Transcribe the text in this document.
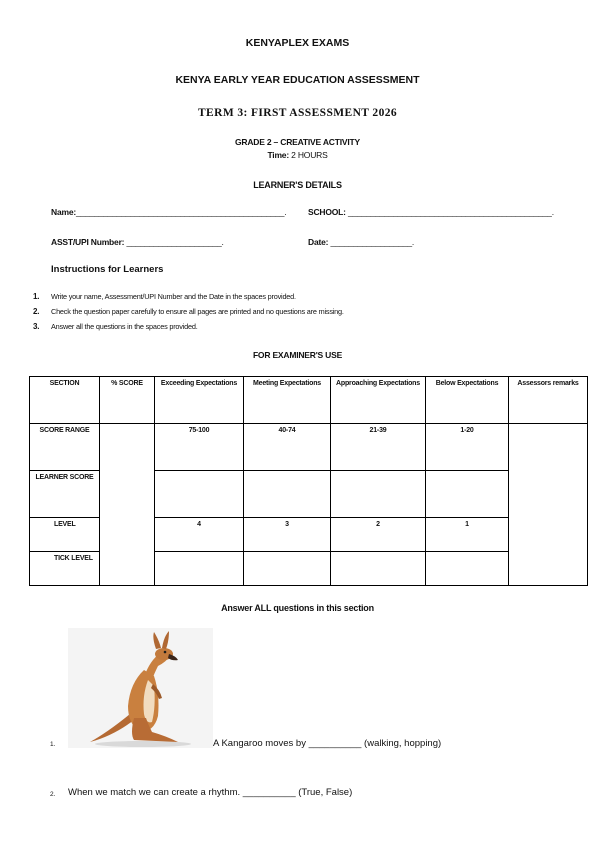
KENYAPLEX EXAMS
KENYA EARLY YEAR EDUCATION ASSESSMENT
TERM 3: FIRST ASSESSMENT 2026
GRADE 2 – CREATIVE ACTIVITY
Time: 2 HOURS
LEARNER'S DETAILS
Name:______________________________________________.	SCHOOL: _____________________________________________.
ASST/UPI Number: _____________________.	Date: __________________.
Instructions for Learners
1. Write your name, Assessment/UPI Number and the Date in the spaces provided.
2. Check the question paper carefully to ensure all pages are printed and no questions are missing.
3. Answer all the questions in the spaces provided.
FOR EXAMINER'S USE
SECTION	% SCORE	Exceeding Expectations	Meeting Expectations	Approaching Expectations	Below Expectations	Assessors remarks
SCORE RANGE		75-100	40-74	21-39	1-20	
LEARNER SCORE						
LEVEL		4	3	2	1	
TICK LEVEL						
Answer ALL questions in this section
1.	A Kangaroo moves by __________ (walking, hopping)
2. When we match we can create a rhythm. __________ (True, False)
